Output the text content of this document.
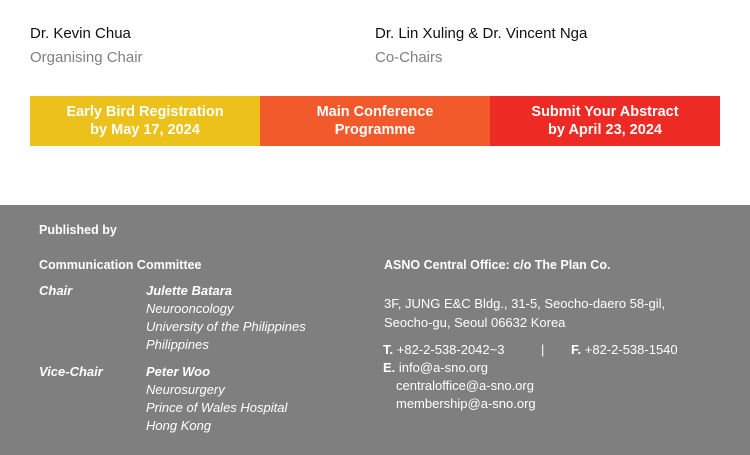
Dr. Kevin Chua
Organising Chair
Dr. Lin Xuling & Dr. Vincent Nga
Co-Chairs
Early Bird Registration
by May 17, 2024
Main Conference
Programme
Submit Your Abstract
by April 23, 2024
Published by
Communication Committee
Chair	Julette Batara
Neurooncology
University of the Philippines
Philippines
Vice-Chair	Peter Woo
Neurosurgery
Prince of Wales Hospital
Hong Kong
ASNO Central Office: c/o The Plan Co.
3F, JUNG E&C Bldg., 31-5, Seocho-daero 58-gil,
Seocho-gu, Seoul 06632 Korea
T. +82-2-538-2042~3	| F. +82-2-538-1540
E. info@a-sno.org
centraloffice@a-sno.org
membership@a-sno.org
